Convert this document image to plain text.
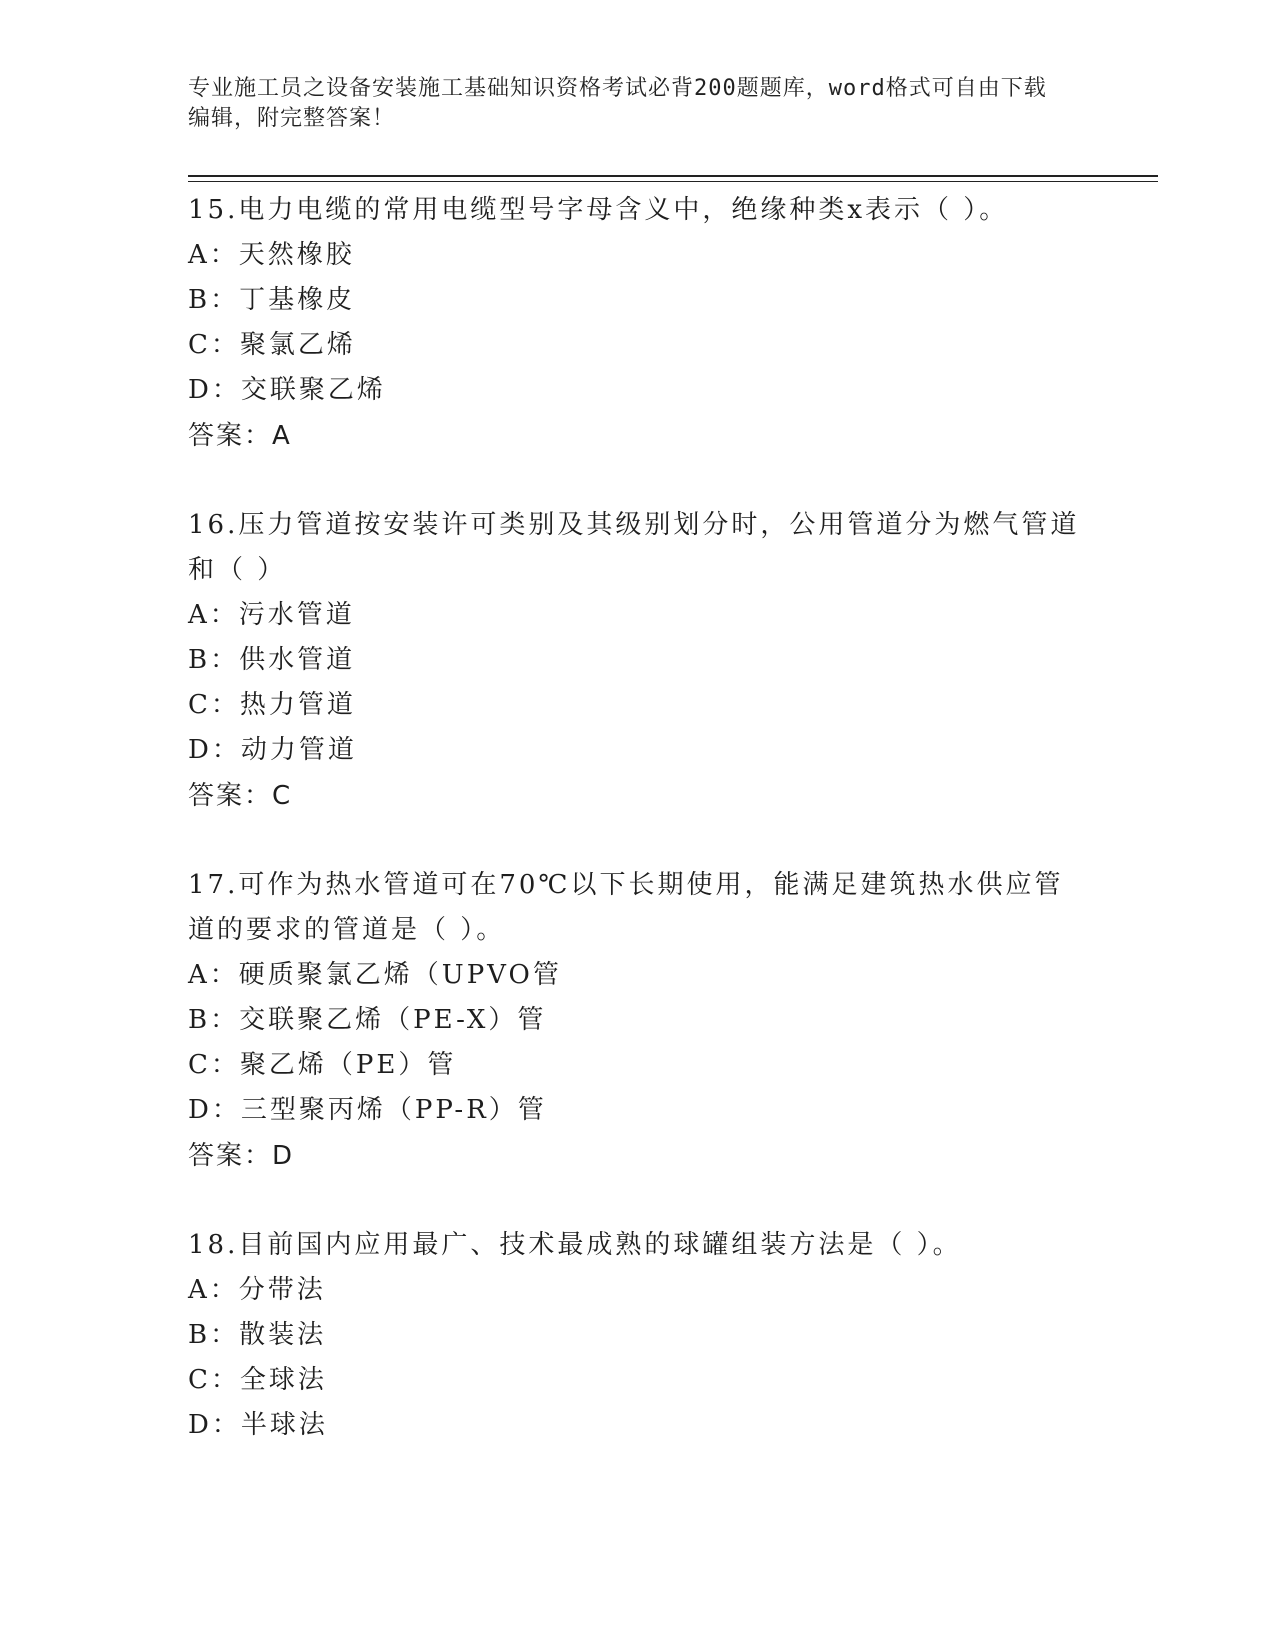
专业施工员之设备安装施工基础知识资格考试必背200题题库，word格式可自由下载编辑，附完整答案！

15.电力电缆的常用电缆型号字母含义中，绝缘种类x表示（ ）。

A：天然橡胶

B：丁基橡皮

C：聚氯乙烯

D：交联聚乙烯

答案：A

16.压力管道按安装许可类别及其级别划分时，公用管道分为燃气管道和（ ）

A：污水管道

B：供水管道

C：热力管道

D：动力管道

答案：C

17.可作为热水管道可在70℃以下长期使用，能满足建筑热水供应管道的要求的管道是（ ）。

A：硬质聚氯乙烯（UPVO管

B：交联聚乙烯（PE-X）管

C：聚乙烯（PE）管

D：三型聚丙烯（PP-R）管

答案：D

18.目前国内应用最广、技术最成熟的球罐组装方法是（ ）。

A：分带法

B：散装法

C：全球法

D：半球法
